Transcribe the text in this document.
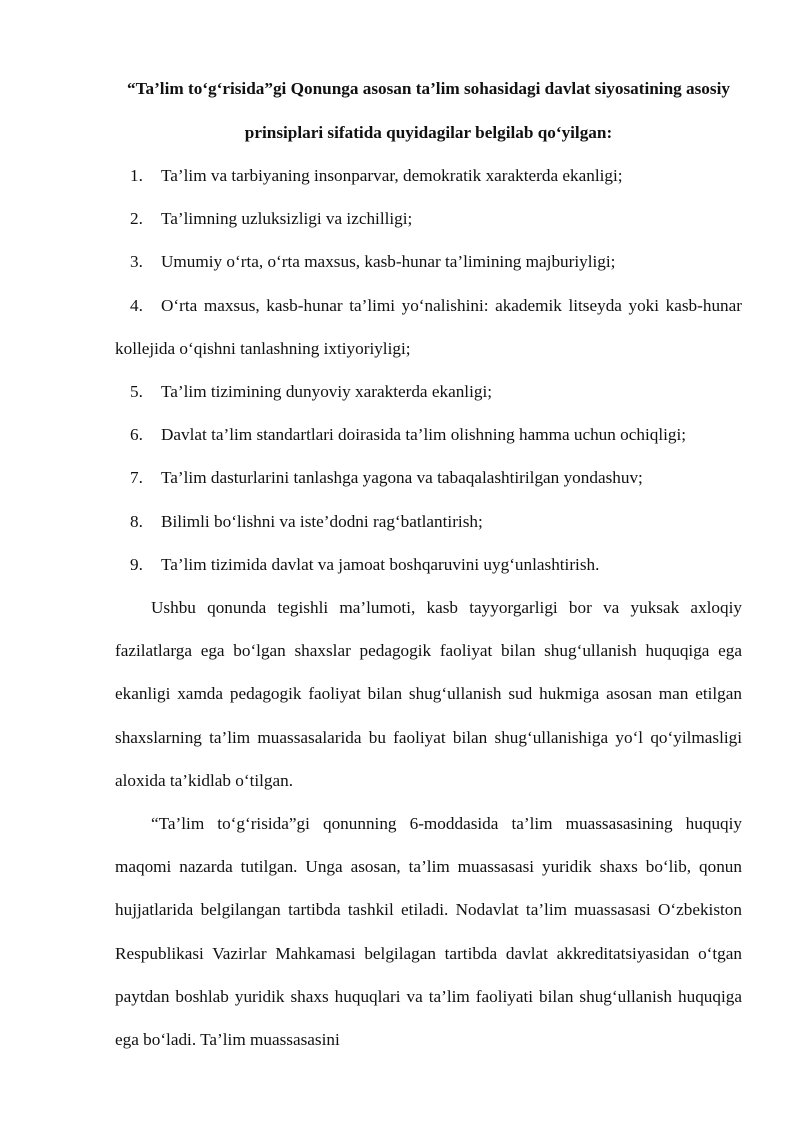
“Ta’lim to‘g‘risida”gi Qonunga asosan ta’lim sohasidagi davlat siyosatining asosiy prinsiplari sifatida quyidagilar belgilab qo‘yilgan:

1. Ta’lim va tarbiyaning insonparvar, demokratik xarakterda ekanligi;
2. Ta’limning uzluksizligi va izchilligi;
3. Umumiy o‘rta, o‘rta maxsus, kasb-hunar ta’limining majburiyligi;
4. O‘rta maxsus, kasb-hunar ta’limi yo‘nalishini: akademik litseyda yoki kasb-hunar kollejida o‘qishni tanlashning ixtiyoriyligi;
5. Ta’lim tizimining dunyoviy xarakterda ekanligi;
6. Davlat ta’lim standartlari doirasida ta’lim olishning hamma uchun ochiqligi;
7. Ta’lim dasturlarini tanlashga yagona va tabaqalashtirilgan yondashuv;
8. Bilimli bo‘lishni va iste’dodni rag‘batlantirish;
9. Ta’lim tizimida davlat va jamoat boshqaruvini uyg‘unlashtirish.

Ushbu qonunda tegishli ma’lumoti, kasb tayyorgarligi bor va yuksak axloqiy fazilatlarga ega bo‘lgan shaxslar pedagogik faoliyat bilan shug‘ullanish huquqiga ega ekanligi xamda pedagogik faoliyat bilan shug‘ullanish sud hukmiga asosan man etilgan shaxslarning ta’lim muassasalarida bu faoliyat bilan shug‘ullanishiga yo‘l qo‘yilmasligi aloxida ta’kidlab o‘tilgan.

“Ta’lim to‘g‘risida”gi qonunning 6-moddasida ta’lim muassasasining huquqiy maqomi nazarda tutilgan. Unga asosan, ta’lim muassasasi yuridik shaxs bo‘lib, qonun hujjatlarida belgilangan tartibda tashkil etiladi. Nodavlat ta’lim muassasasi O‘zbekiston Respublikasi Vazirlar Mahkamasi belgilagan tartibda davlat akkreditatsiyasidan o‘tgan paytdan boshlab yuridik shaxs huquqlari va ta’lim faoliyati bilan shug‘ullanish huquqiga ega bo‘ladi. Ta’lim muassasasini
